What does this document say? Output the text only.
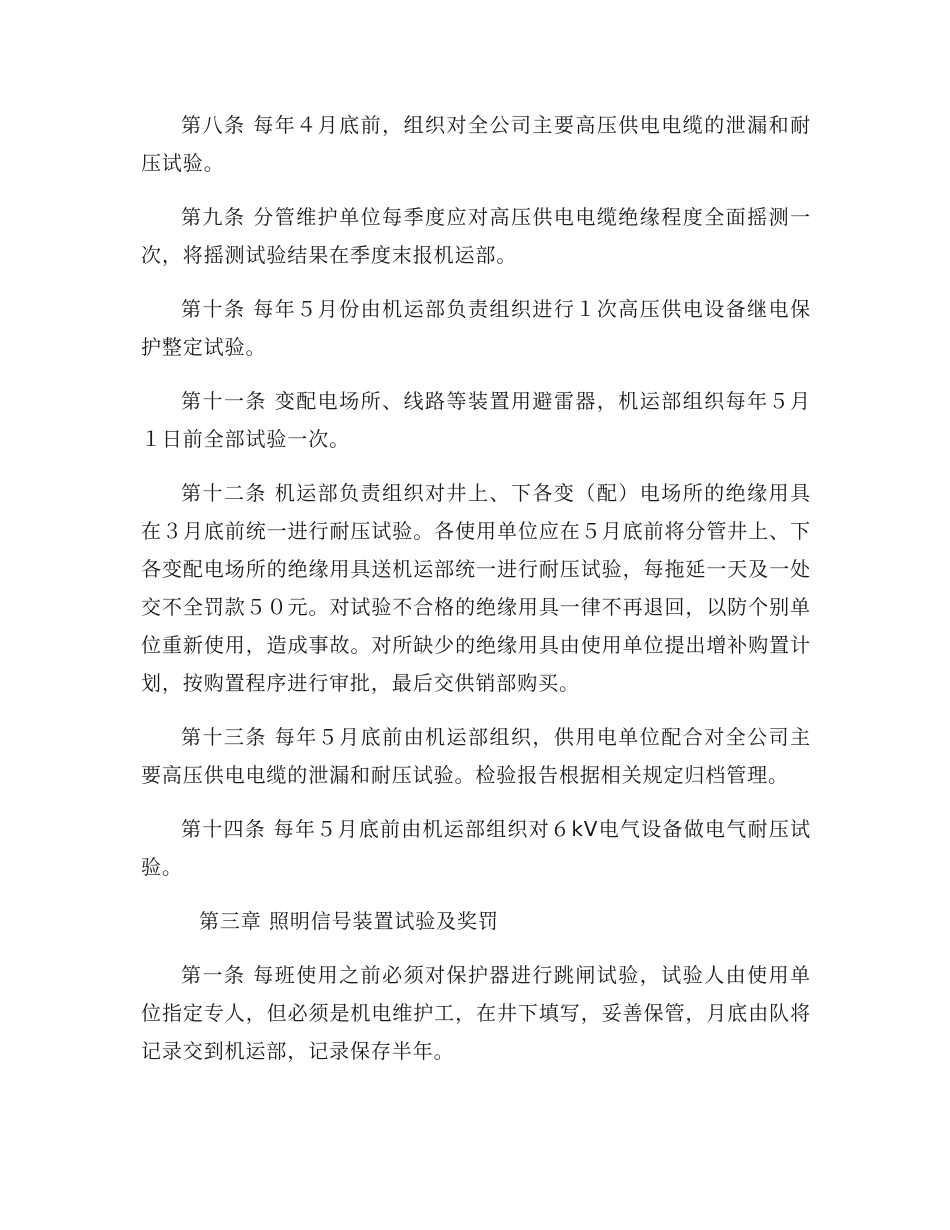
第八条 每年４月底前，组织对全公司主要高压供电电缆的泄漏和耐压试验。

第九条 分管维护单位每季度应对高压供电电缆绝缘程度全面摇测一次，将摇测试验结果在季度末报机运部。

第十条 每年５月份由机运部负责组织进行１次高压供电设备继电保护整定试验。

第十一条 变配电场所、线路等装置用避雷器，机运部组织每年５月１日前全部试验一次。

第十二条 机运部负责组织对井上、下各变（配）电场所的绝缘用具在３月底前统一进行耐压试验。各使用单位应在５月底前将分管井上、下各变配电场所的绝缘用具送机运部统一进行耐压试验，每拖延一天及一处交不全罚款５０元。对试验不合格的绝缘用具一律不再退回，以防个别单位重新使用，造成事故。对所缺少的绝缘用具由使用单位提出增补购置计划，按购置程序进行审批，最后交供销部购买。

第十三条 每年５月底前由机运部组织，供用电单位配合对全公司主要高压供电电缆的泄漏和耐压试验。检验报告根据相关规定归档管理。

第十四条 每年５月底前由机运部组织对６kV电气设备做电气耐压试验。

第三章 照明信号装置试验及奖罚

第一条 每班使用之前必须对保护器进行跳闸试验，试验人由使用单位指定专人，但必须是机电维护工，在井下填写，妥善保管，月底由队将记录交到机运部，记录保存半年。
